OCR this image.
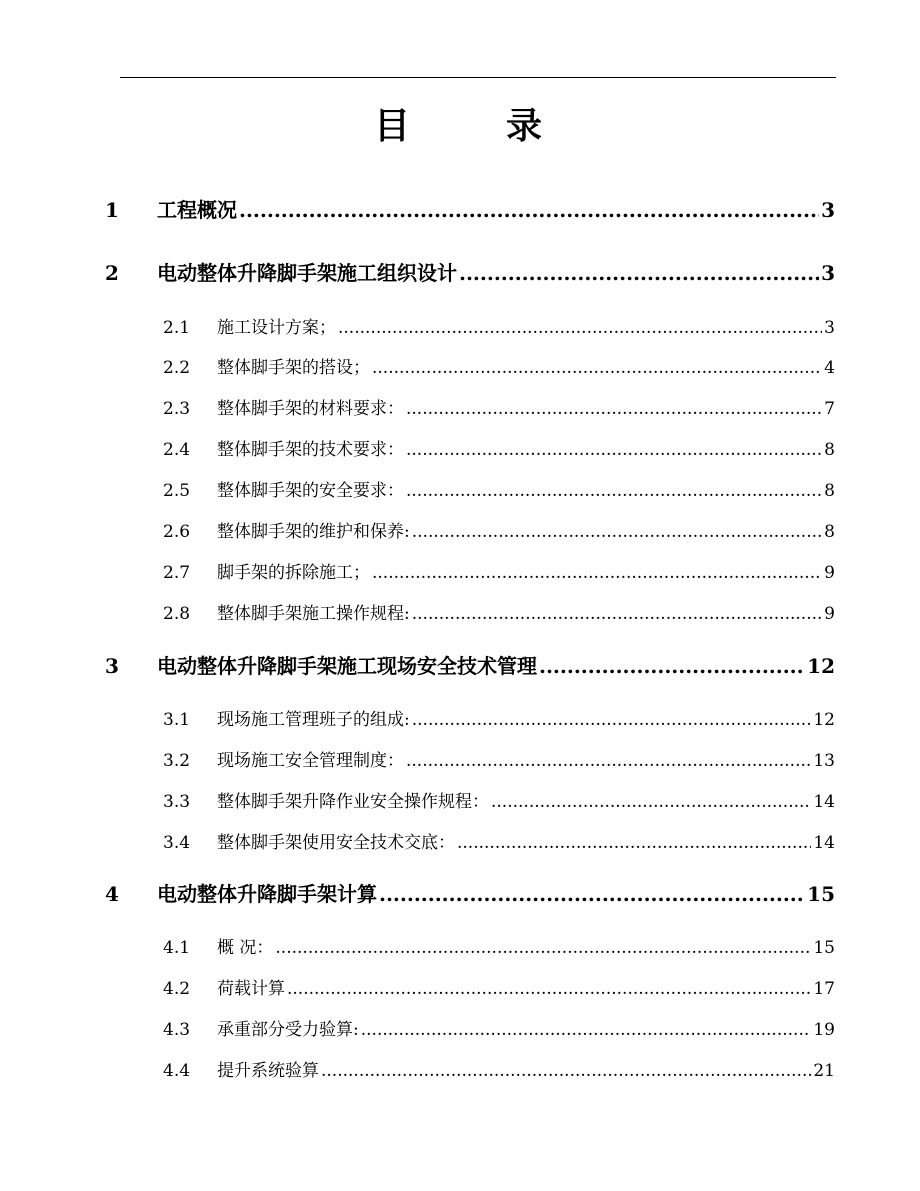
目	录
1	工程概况 .....	3
2	电动整体升降脚手架施工组织设计 .....	3
2.1	施工设计方案； .....	3
2.2	整体脚手架的搭设； .....	4
2.3	整体脚手架的材料要求： .....	7
2.4	整体脚手架的技术要求： .....	8
2.5	整体脚手架的安全要求： .....	8
2.6	整体脚手架的维护和保养: .....	8
2.7	脚手架的拆除施工； .....	9
2.8	整体脚手架施工操作规程: .....	9
3	电动整体升降脚手架施工现场安全技术管理 .....	12
3.1	现场施工管理班子的组成: .....	12
3.2	现场施工安全管理制度： .....	13
3.3	整体脚手架升降作业安全操作规程： .....	14
3.4	整体脚手架使用安全技术交底： .....	14
4	电动整体升降脚手架计算 .....	15
4.1	概 况： .....	15
4.2	荷载计算 .....	17
4.3	承重部分受力验算: .....	19
4.4	提升系统验算 .....	21
